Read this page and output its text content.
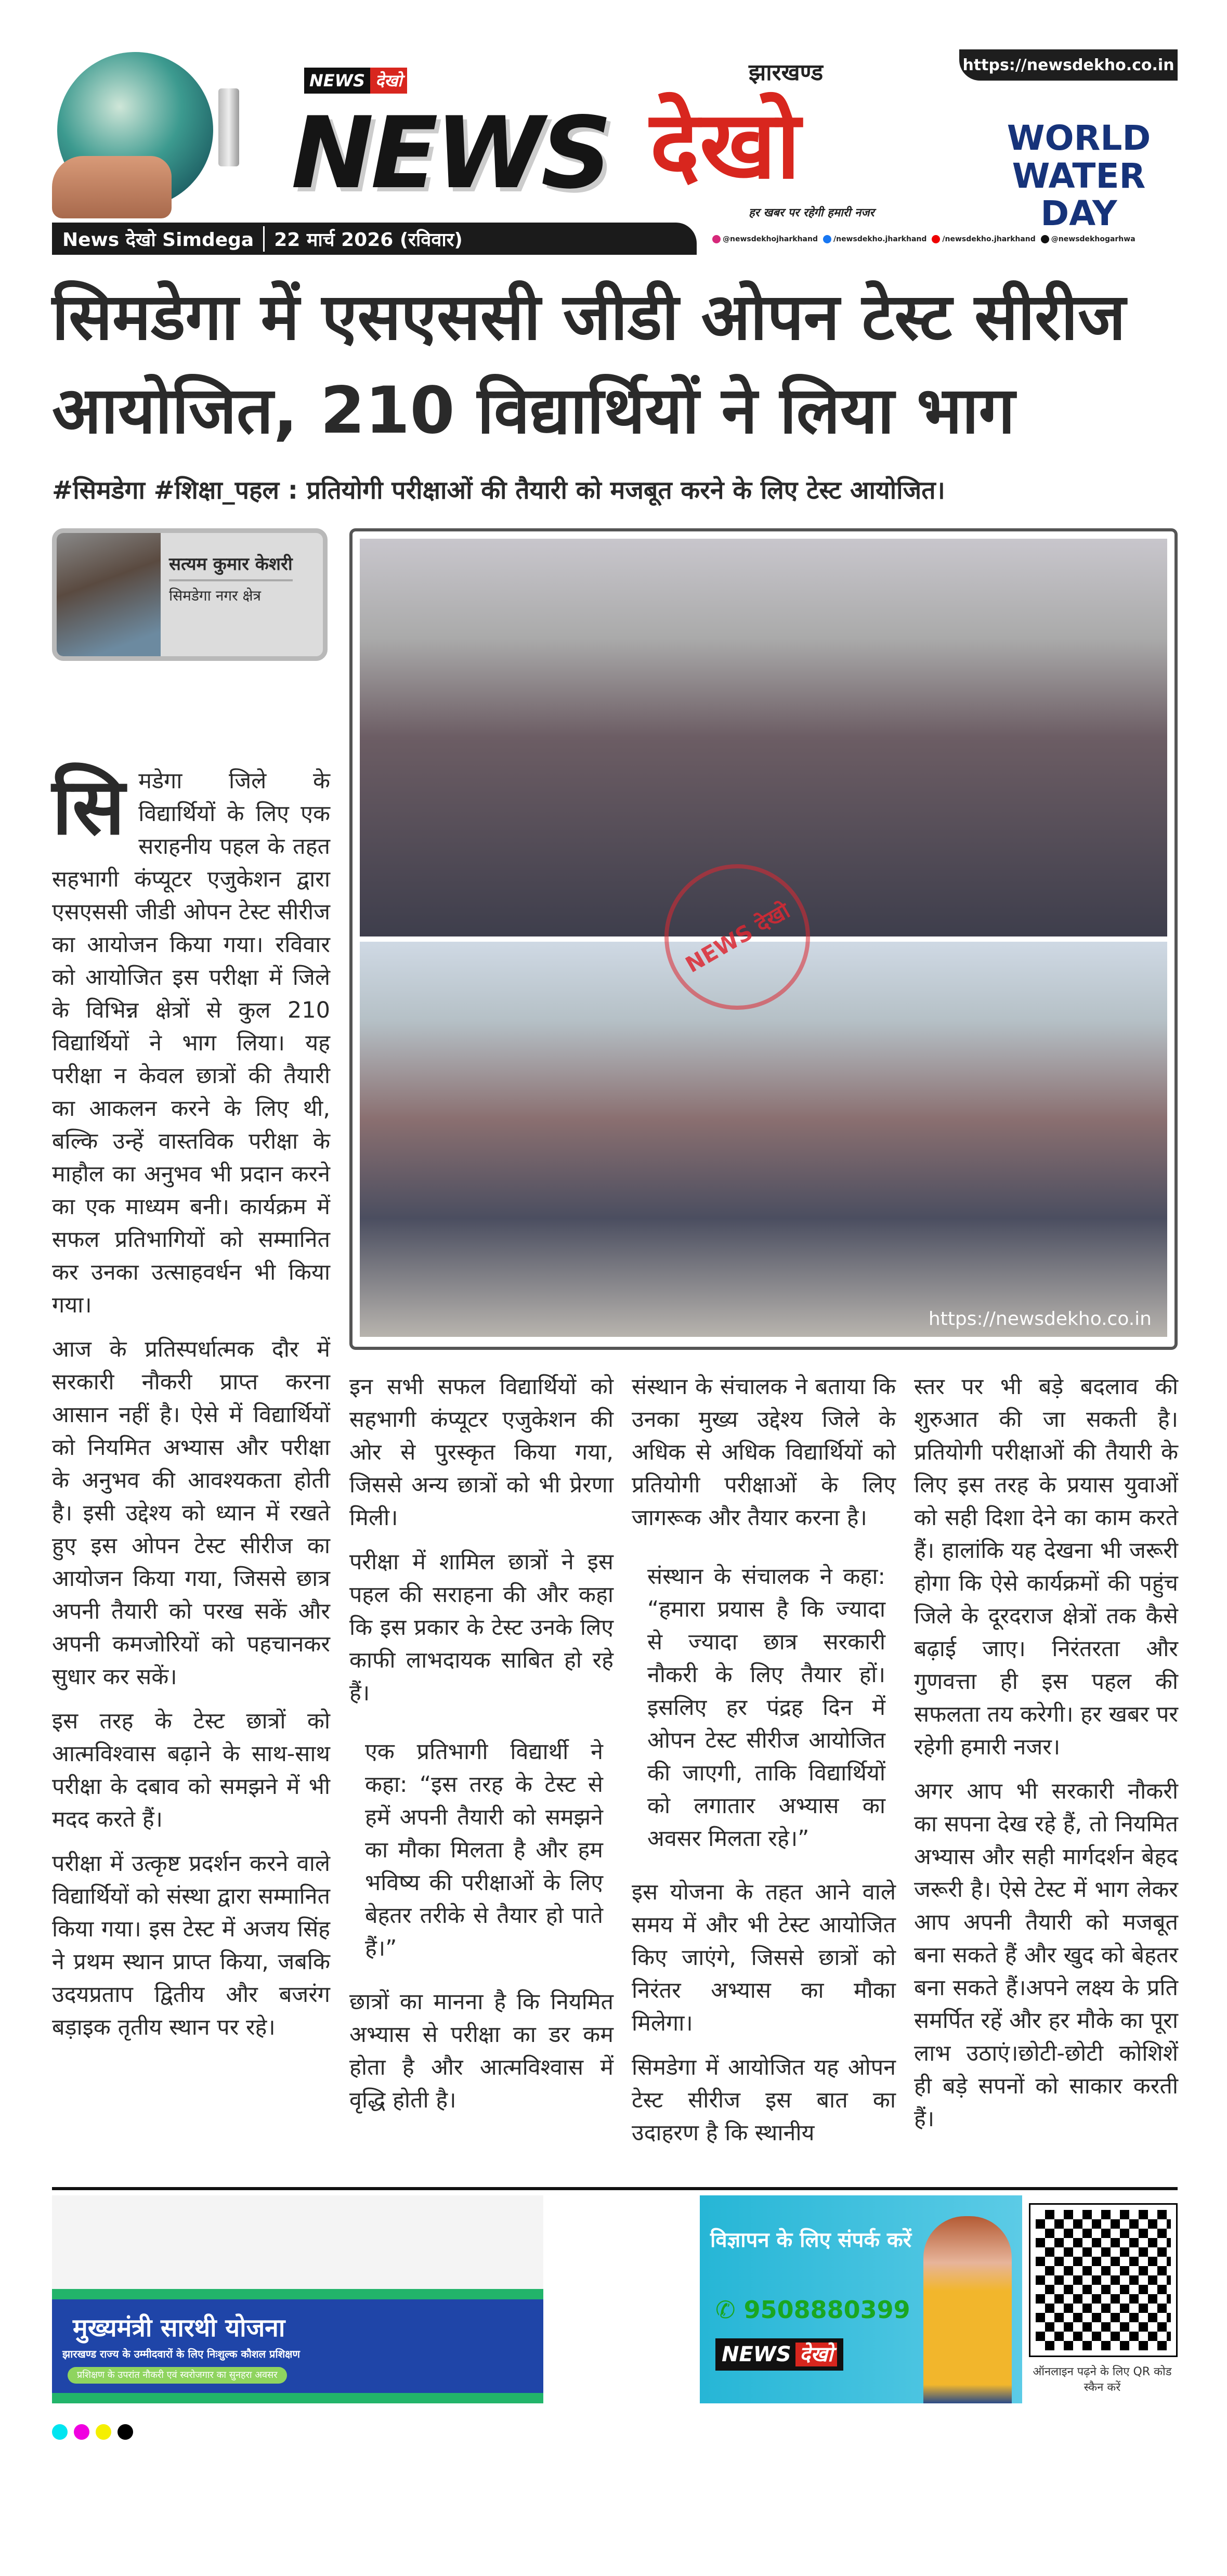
https://newsdekho.co.in
NEWS देखो
NEWS देखो
झारखण्ड
हर खबर पर रहेगी हमारी नजर
WORLD WATER DAY
News देखो Simdega	22 मार्च 2026 (रविवार)	@newsdekhojharkhand	/newsdekho.jharkhand	/newsdekho.jharkhand	@newsdekhogarhwa
सिमडेगा में एसएससी जीडी ओपन टेस्ट सीरीज आयोजित, 210 विद्यार्थियों ने लिया भाग
#सिमडेगा #शिक्षा_पहल : प्रतियोगी परीक्षाओं की तैयारी को मजबूत करने के लिए टेस्ट आयोजित।
सत्यम कुमार केशरी
सिमडेगा नगर क्षेत्र

सिमडेगा जिले के विद्यार्थियों के लिए एक सराहनीय पहल के तहत सहभागी कंप्यूटर एजुकेशन द्वारा एसएससी जीडी ओपन टेस्ट सीरीज का आयोजन किया गया। रविवार को आयोजित इस परीक्षा में जिले के विभिन्न क्षेत्रों से कुल 210 विद्यार्थियों ने भाग लिया। यह परीक्षा न केवल छात्रों की तैयारी का आकलन करने के लिए थी, बल्कि उन्हें वास्तविक परीक्षा के माहौल का अनुभव भी प्रदान करने का एक माध्यम बनी। कार्यक्रम में सफल प्रतिभागियों को सम्मानित कर उनका उत्साहवर्धन भी किया गया।

आज के प्रतिस्पर्धात्मक दौर में सरकारी नौकरी प्राप्त करना आसान नहीं है। ऐसे में विद्यार्थियों को नियमित अभ्यास और परीक्षा के अनुभव की आवश्यकता होती है। इसी उद्देश्य को ध्यान में रखते हुए इस ओपन टेस्ट सीरीज का आयोजन किया गया, जिससे छात्र अपनी तैयारी को परख सकें और अपनी कमजोरियों को पहचानकर सुधार कर सकें।

इस तरह के टेस्ट छात्रों को आत्मविश्वास बढ़ाने के साथ-साथ परीक्षा के दबाव को समझने में भी मदद करते हैं।

परीक्षा में उत्कृष्ट प्रदर्शन करने वाले विद्यार्थियों को संस्था द्वारा सम्मानित किया गया। इस टेस्ट में अजय सिंह ने प्रथम स्थान प्राप्त किया, जबकि उदयप्रताप द्वितीय और बजरंग बड़ाइक तृतीय स्थान पर रहे।

https://newsdekho.co.in
NEWS देखो

इन सभी सफल विद्यार्थियों को सहभागी कंप्यूटर एजुकेशन की ओर से पुरस्कृत किया गया, जिससे अन्य छात्रों को भी प्रेरणा मिली।

परीक्षा में शामिल छात्रों ने इस पहल की सराहना की और कहा कि इस प्रकार के टेस्ट उनके लिए काफी लाभदायक साबित हो रहे हैं।

एक प्रतिभागी विद्यार्थी ने कहा: “इस तरह के टेस्ट से हमें अपनी तैयारी को समझने का मौका मिलता है और हम भविष्य की परीक्षाओं के लिए बेहतर तरीके से तैयार हो पाते हैं।”

छात्रों का मानना है कि नियमित अभ्यास से परीक्षा का डर कम होता है और आत्मविश्वास में वृद्धि होती है।

संस्थान के संचालक ने बताया कि उनका मुख्य उद्देश्य जिले के अधिक से अधिक विद्यार्थियों को प्रतियोगी परीक्षाओं के लिए जागरूक और तैयार करना है।

संस्थान के संचालक ने कहा: “हमारा प्रयास है कि ज्यादा से ज्यादा छात्र सरकारी नौकरी के लिए तैयार हों। इसलिए हर पंद्रह दिन में ओपन टेस्ट सीरीज आयोजित की जाएगी, ताकि विद्यार्थियों को लगातार अभ्यास का अवसर मिलता रहे।”

इस योजना के तहत आने वाले समय में और भी टेस्ट आयोजित किए जाएंगे, जिससे छात्रों को निरंतर अभ्यास का मौका मिलेगा।

सिमडेगा में आयोजित यह ओपन टेस्ट सीरीज इस बात का उदाहरण है कि स्थानीय

स्तर पर भी बड़े बदलाव की शुरुआत की जा सकती है। प्रतियोगी परीक्षाओं की तैयारी के लिए इस तरह के प्रयास युवाओं को सही दिशा देने का काम करते हैं। हालांकि यह देखना भी जरूरी होगा कि ऐसे कार्यक्रमों की पहुंच जिले के दूरदराज क्षेत्रों तक कैसे बढ़ाई जाए। निरंतरता और गुणवत्ता ही इस पहल की सफलता तय करेगी। हर खबर पर रहेगी हमारी नजर।

अगर आप भी सरकारी नौकरी का सपना देख रहे हैं, तो नियमित अभ्यास और सही मार्गदर्शन बेहद जरूरी है। ऐसे टेस्ट में भाग लेकर आप अपनी तैयारी को मजबूत बना सकते हैं और खुद को बेहतर बना सकते हैं।अपने लक्ष्य के प्रति समर्पित रहें और हर मौके का पूरा लाभ उठाएं।छोटी-छोटी कोशिशें ही बड़े सपनों को साकार करती हैं।

मुख्यमंत्री सारथी योजना
झारखण्ड राज्य के उम्मीदवारों के लिए निःशुल्क कौशल प्रशिक्षण
प्रशिक्षण के उपरांत नौकरी एवं स्वरोजगार का सुनहरा अवसर
विज्ञापन के लिए संपर्क करें
✆ 9508880399
NEWS देखो
ऑनलाइन पढ़ने के लिए QR कोड स्कैन करें
